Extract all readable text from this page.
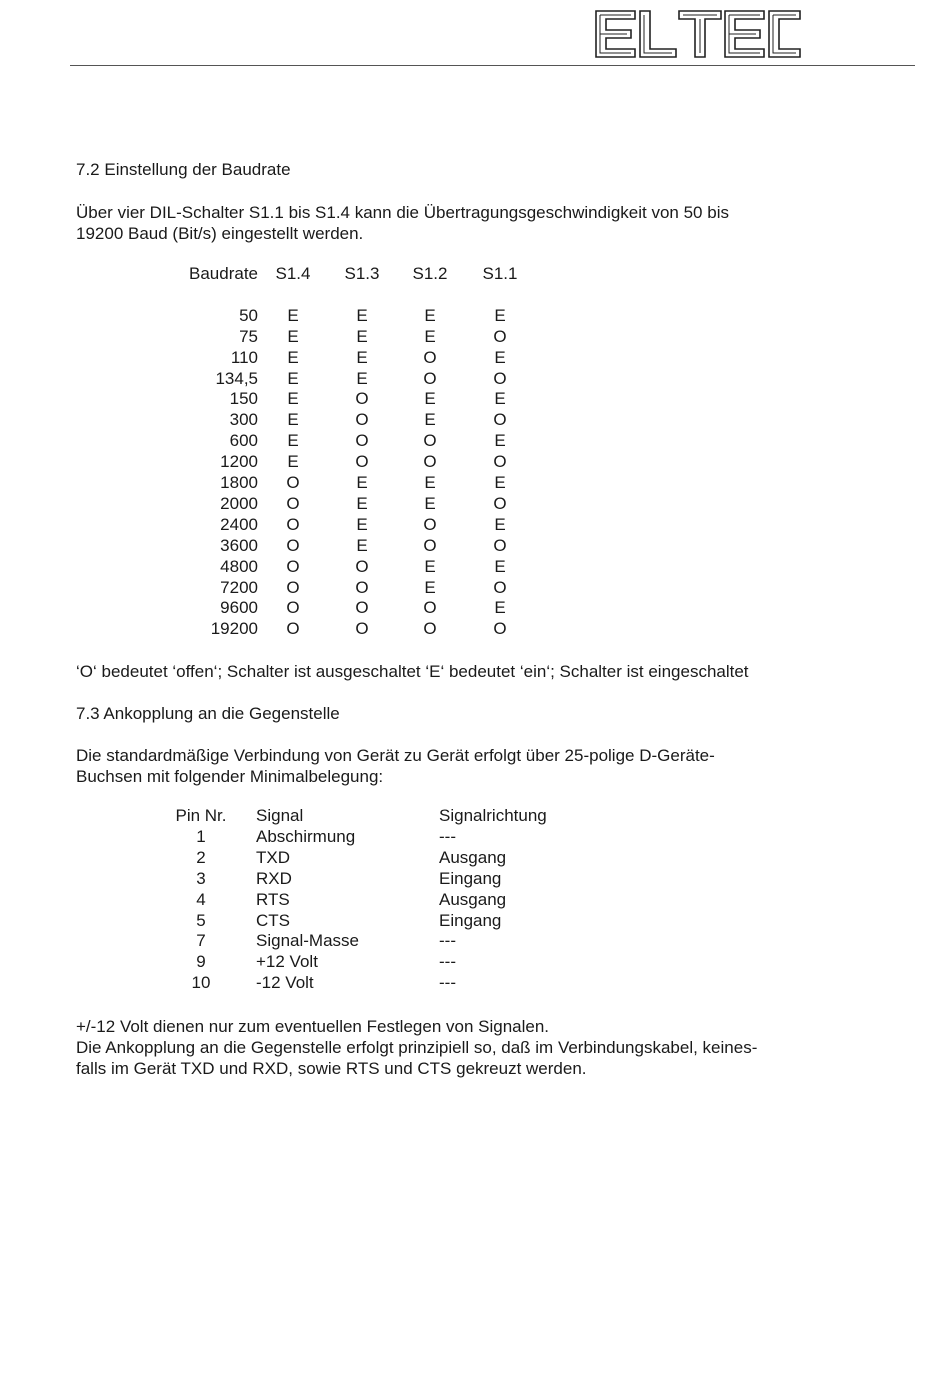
7.2 Einstellung der Baudrate
Über vier DIL-Schalter S1.1 bis S1.4 kann die Übertragungsgeschwindigkeit von 50 bis
19200 Baud (Bit/s) eingestellt werden.
Baudrate	S1.4	S1.3	S1.2	S1.1

50	E	E	E	E
75	E	E	E	O
110	E	E	O	E
134,5	E	E	O	O
150	E	O	E	E
300	E	O	E	O
600	E	O	O	E
1200	E	O	O	O
1800	O	E	E	E
2000	O	E	E	O
2400	O	E	O	E
3600	O	E	O	O
4800	O	O	E	E
7200	O	O	E	O
9600	O	O	O	E
19200	O	O	O	O
‘O‘ bedeutet ‘offen‘; Schalter ist ausgeschaltet ‘E‘ bedeutet ‘ein‘; Schalter ist eingeschaltet
7.3 Ankopplung an die Gegenstelle
Die standardmäßige Verbindung von Gerät zu Gerät erfolgt über 25-polige D-Geräte-
Buchsen mit folgender Minimalbelegung:
Pin Nr.	Signal	Signalrichtung
1	Abschirmung	---
2	TXD	Ausgang
3	RXD	Eingang
4	RTS	Ausgang
5	CTS	Eingang
7	Signal-Masse	---
9	+12 Volt	---
10	-12 Volt	---
+/-12 Volt dienen nur zum eventuellen Festlegen von Signalen.
Die Ankopplung an die Gegenstelle erfolgt prinzipiell so, daß im Verbindungskabel, keines-
falls im Gerät TXD und RXD, sowie RTS und CTS gekreuzt werden.
